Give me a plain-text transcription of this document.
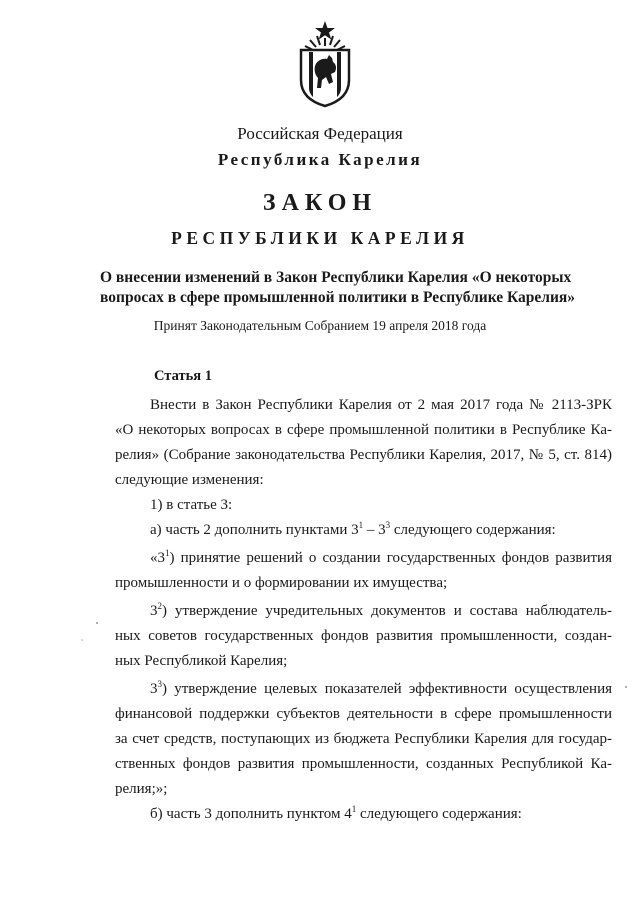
Российская Федерация
Республика Карелия
ЗАКОН
РЕСПУБЛИКИ КАРЕЛИЯ
О внесении изменений в Закон Республики Карелия «О некоторых
вопросах в сфере промышленной политики в Республике Карелия»
Принят Законодательным Собранием 19 апреля 2018 года
Статья 1
Внести в Закон Республики Карелия от 2 мая 2017 года № 2113-ЗРК
«О некоторых вопросах в сфере промышленной политики в Республике Ка-
релия» (Собрание законодательства Республики Карелия, 2017, № 5, ст. 814)
следующие изменения:
1) в статье 3:
а) часть 2 дополнить пунктами $3^1 - 3^3$ следующего содержания:
«$3^1$) принятие решений о создании государственных фондов развития
промышленности и о формировании их имущества;
$3^2$) утверждение учредительных документов и состава наблюдатель-
ных советов государственных фондов развития промышленности, создан-
ных Республикой Карелия;
$3^3$) утверждение целевых показателей эффективности осуществления
финансовой поддержки субъектов деятельности в сфере промышленности
за счет средств, поступающих из бюджета Республики Карелия для государ-
ственных фондов развития промышленности, созданных Республикой Ка-
релия;»;
б) часть 3 дополнить пунктом $4^1$ следующего содержания:
